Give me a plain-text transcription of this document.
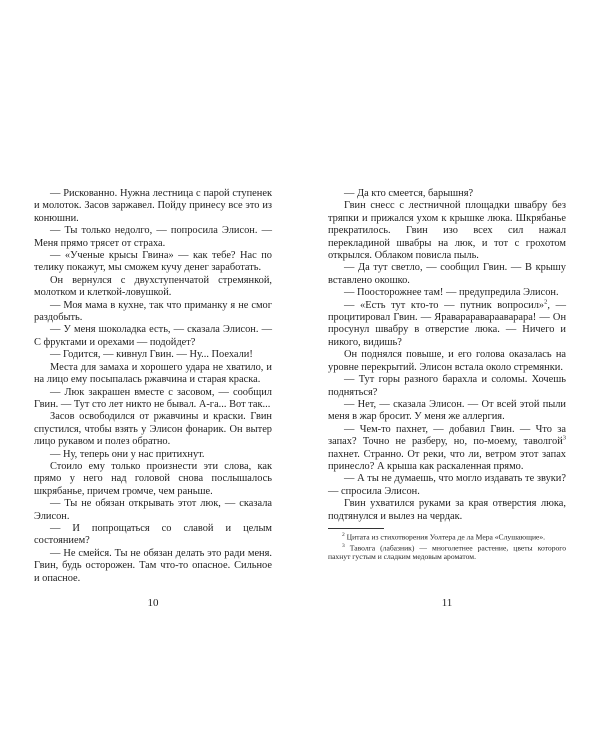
— Рискованно. Нужна лестница с парой ступенек и молоток. Засов заржавел. Пойду принесу все это из конюшни.

— Ты только недолго, — попросила Элисон. — Меня прямо трясет от страха.

— «Ученые крысы Гвина» — как тебе? Нас по телику покажут, мы сможем кучу денег заработать.

Он вернулся с двухступенчатой стремянкой, молотком и клеткой-ловушкой.

— Моя мама в кухне, так что приманку я не смог раздобыть.

— У меня шоколадка есть, — сказала Элисон. — С фруктами и орехами — подойдет?

— Годится, — кивнул Гвин. — Ну... Поехали!

Места для замаха и хорошего удара не хватило, и на лицо ему посыпалась ржавчина и старая краска.

— Люк закрашен вместе с засовом, — сообщил Гвин. — Тут сто лет никто не бывал. А-га... Вот так...

Засов освободился от ржавчины и краски. Гвин спустился, чтобы взять у Элисон фонарик. Он вытер лицо рукавом и полез обратно.

— Ну, теперь они у нас притихнут.

Стоило ему только произнести эти слова, как прямо у него над головой снова послышалось шкрябанье, причем громче, чем раньше.

— Ты не обязан открывать этот люк, — сказала Элисон.

— И попрощаться со славой и целым состоянием?

— Не смейся. Ты не обязан делать это ради меня. Гвин, будь осторожен. Там что-то опасное. Сильное и опасное.

10

— Да кто смеется, барышня?

Гвин снесс с лестничной площадки швабру без тряпки и прижался ухом к крышке люка. Шкрябанье прекратилось. Гвин изо всех сил нажал перекладиной швабры на люк, и тот с грохотом открылся. Облаком повисла пыль.

— Да тут светло, — сообщил Гвин. — В крышу вставлено окошко.

— Поосторожнее там! — предупредила Элисон.

— «Есть тут кто-то — путник вопросил»$^2$, — процитировал Гвин. — Яраварараварааварара! — Он просунул швабру в отверстие люка. — Ничего и никого, видишь?

Он поднялся повыше, и его голова оказалась на уровне перекрытий. Элисон встала около стремянки.

— Тут горы разного барахла и соломы. Хочешь подняться?

— Нет, — сказала Элисон. — От всей этой пыли меня в жар бросит. У меня же аллергия.

— Чем-то пахнет, — добавил Гвин. — Что за запах? Точно не разберу, но, по-моему, таволгой$^3$ пахнет. Странно. От реки, что ли, ветром этот запах принесло? А крыша как раскаленная прямо.

— А ты не думаешь, что могло издавать те звуки? — спросила Элисон.

Гвин ухватился руками за края отверстия люка, подтянулся и вылез на чердак.

$^2$ Цитата из стихотворения Уолтера де ла Мера «Слушающие».

$^3$ Таволга (лабазник) — многолетнее растение, цветы которого пахнут густым и сладким медовым ароматом.

11
